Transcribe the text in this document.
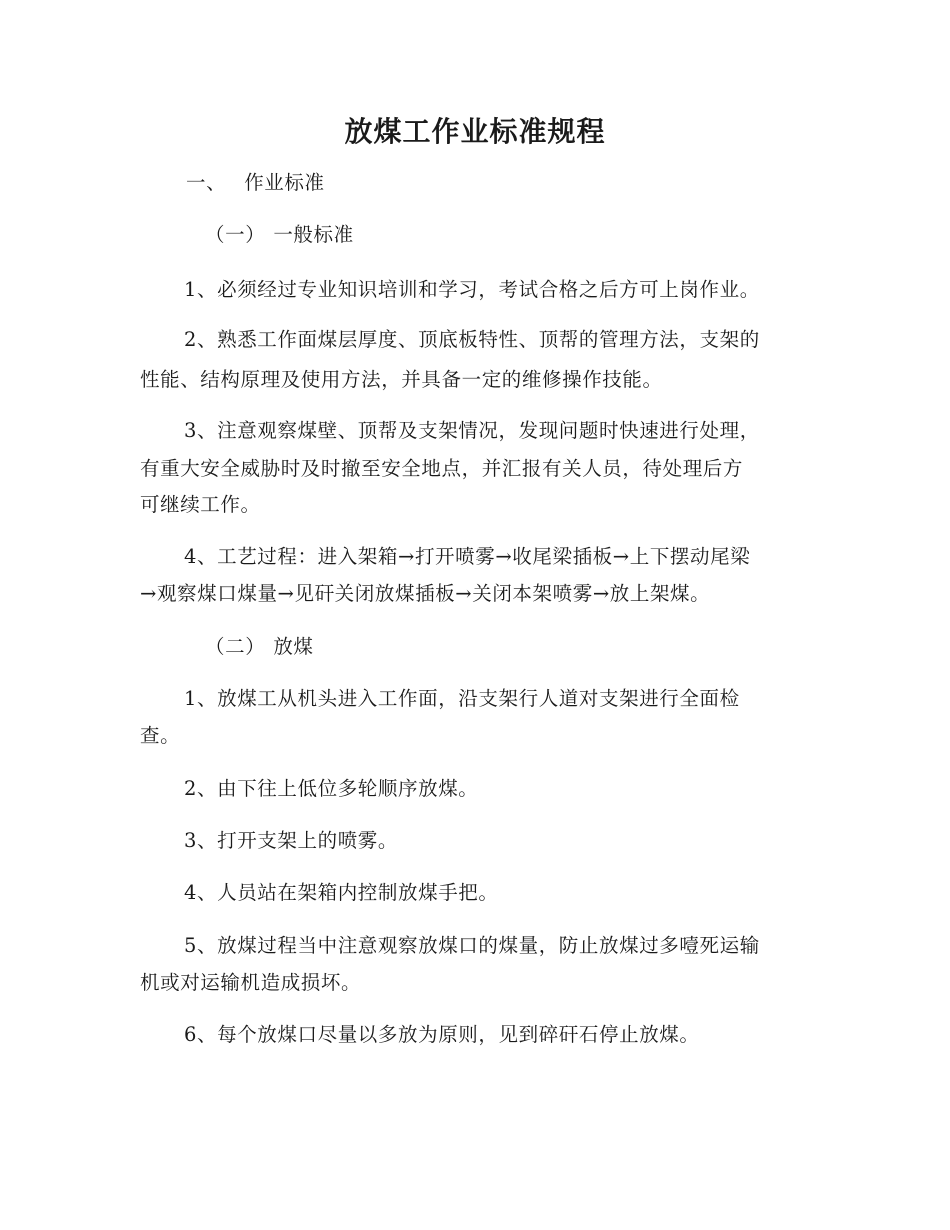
放煤工作业标准规程
一、 作业标准
（一） 一般标准
1、必须经过专业知识培训和学习，考试合格之后方可上岗作业。
2、熟悉工作面煤层厚度、顶底板特性、顶帮的管理方法，支架的
性能、结构原理及使用方法，并具备一定的维修操作技能。
3、注意观察煤壁、顶帮及支架情况，发现问题时快速进行处理，
有重大安全威胁时及时撤至安全地点，并汇报有关人员，待处理后方
可继续工作。
4、工艺过程：进入架箱→打开喷雾→收尾梁插板→上下摆动尾梁
→观察煤口煤量→见矸关闭放煤插板→关闭本架喷雾→放上架煤。
（二） 放煤
1、放煤工从机头进入工作面，沿支架行人道对支架进行全面检
查。
2、由下往上低位多轮顺序放煤。
3、打开支架上的喷雾。
4、人员站在架箱内控制放煤手把。
5、放煤过程当中注意观察放煤口的煤量，防止放煤过多噎死运输
机或对运输机造成损坏。
6、每个放煤口尽量以多放为原则，见到碎矸石停止放煤。
